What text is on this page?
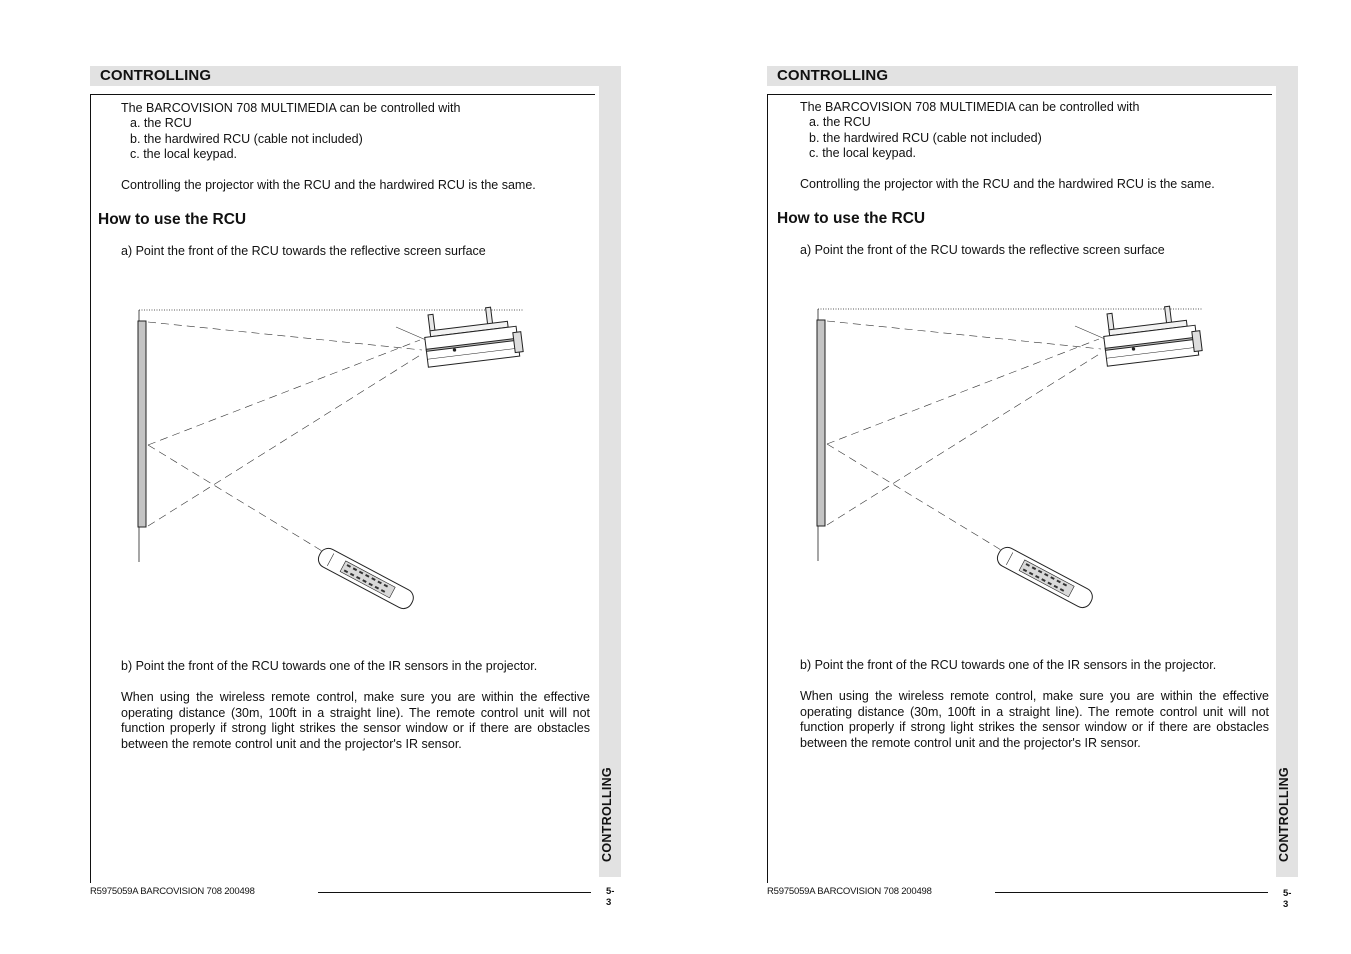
CONTROLLING
CONTROLLING
The BARCOVISION 708 MULTIMEDIA can be controlled with
a. the RCU
b. the hardwired RCU (cable not included)
c. the local keypad.
Controlling the projector with the RCU and the hardwired RCU is the same.
How to use the RCU
a) Point the front of the RCU towards the reflective screen surface
b) Point the front of the RCU towards one of the IR sensors in the projector.
When using the wireless remote control, make sure you are within the effective operating distance (30m, 100ft in a straight line). The remote control unit will not function properly if strong light strikes the sensor window or if there are obstacles between the remote control unit and the projector's IR sensor.
R5975059A BARCOVISION 708 200498	5-3
CONTROLLING
CONTROLLING
The BARCOVISION 708 MULTIMEDIA can be controlled with
a. the RCU
b. the hardwired RCU (cable not included)
c. the local keypad.
Controlling the projector with the RCU and the hardwired RCU is the same.
How to use the RCU
a) Point the front of the RCU towards the reflective screen surface
b) Point the front of the RCU towards one of the IR sensors in the projector.
When using the wireless remote control, make sure you are within the effective operating distance (30m, 100ft in a straight line). The remote control unit will not function properly if strong light strikes the sensor window or if there are obstacles between the remote control unit and the projector's IR sensor.
R5975059A BARCOVISION 708 200498	5-3
